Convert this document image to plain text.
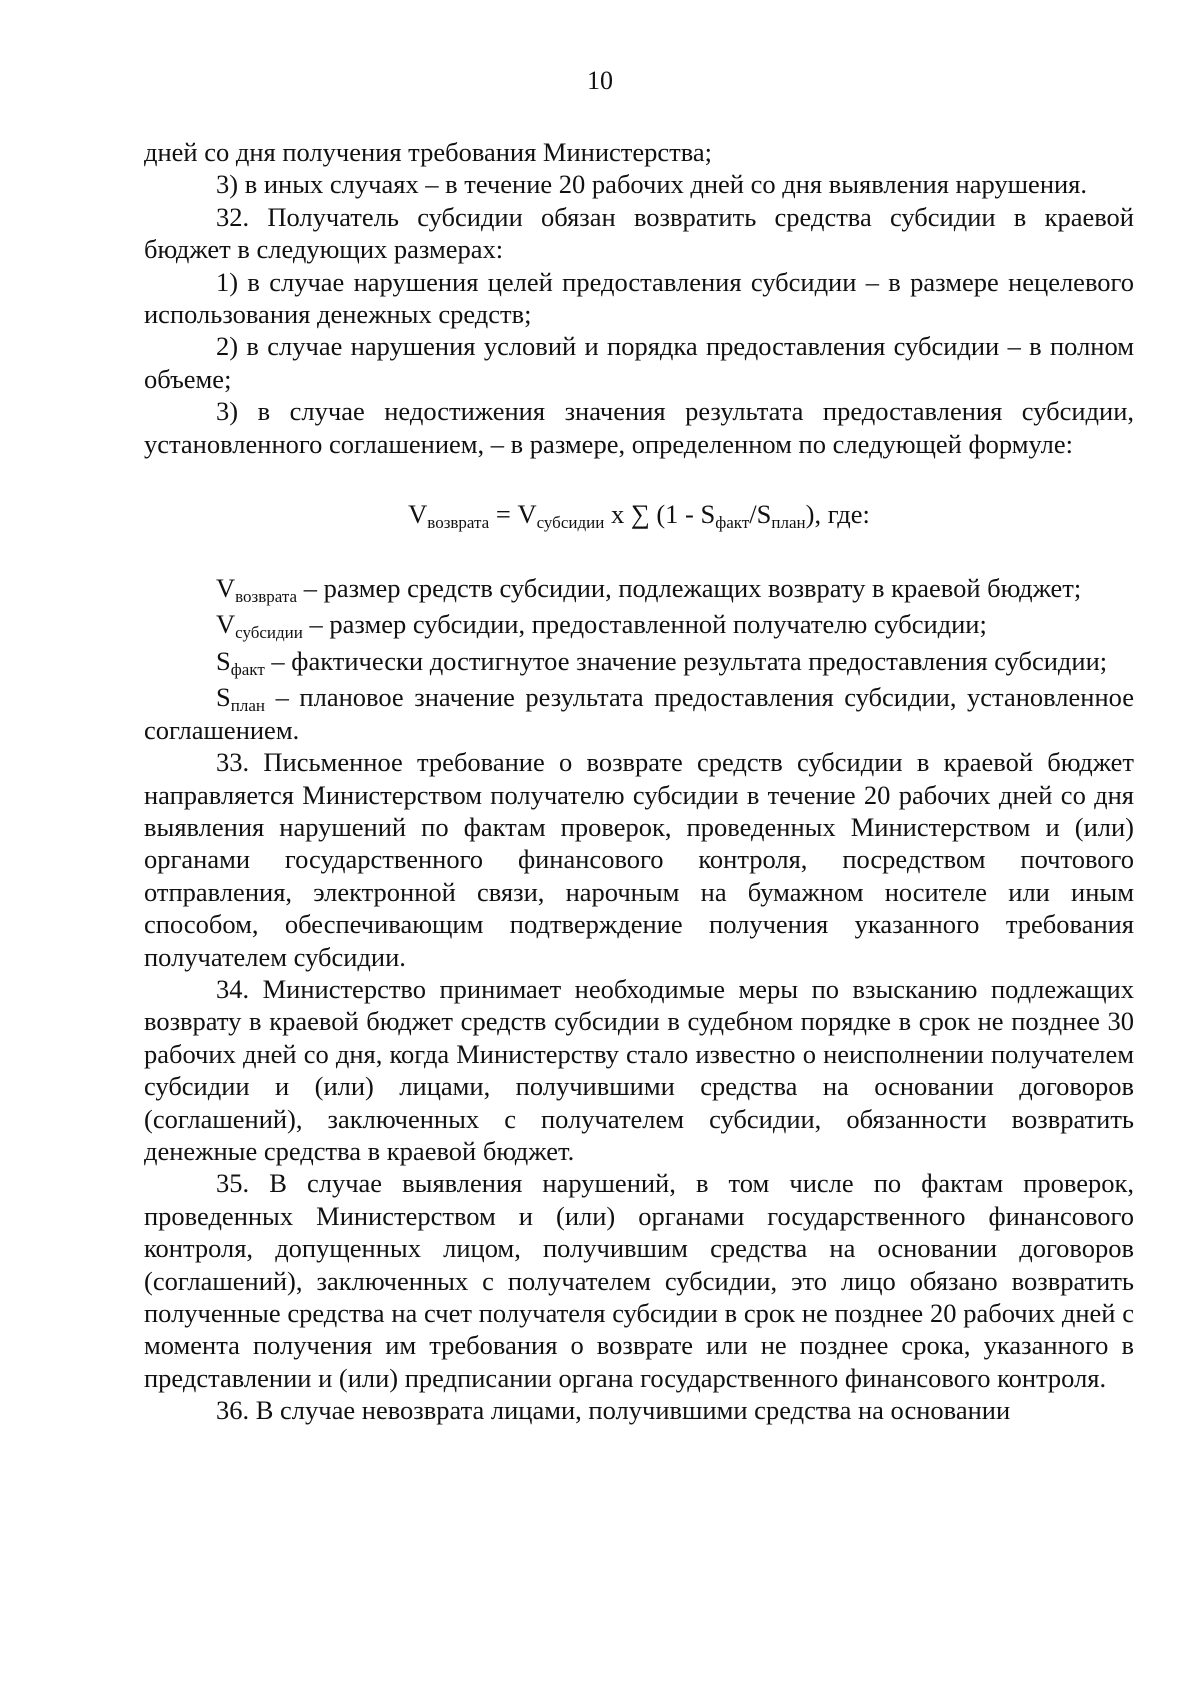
10

дней со дня получения требования Министерства;

3) в иных случаях – в течение 20 рабочих дней со дня выявления нарушения.

32. Получатель субсидии обязан возвратить средства субсидии в краевой бюджет в следующих размерах:

1) в случае нарушения целей предоставления субсидии – в размере нецелевого использования денежных средств;

2) в случае нарушения условий и порядка предоставления субсидии – в полном объеме;

3) в случае недостижения значения результата предоставления субсидии, установленного соглашением, – в размере, определенном по следующей формуле:

$V_{возврата} = V_{субсидии}$ x ∑ $(1 - S_{факт}/S_{план})$, где:

$V_{возврата}$ – размер средств субсидии, подлежащих возврату в краевой бюджет;

$V_{субсидии}$ – размер субсидии, предоставленной получателю субсидии;

$S_{факт}$ – фактически достигнутое значение результата предоставления субсидии;

$S_{план}$ – плановое значение результата предоставления субсидии, установленное соглашением.

33. Письменное требование о возврате средств субсидии в краевой бюджет направляется Министерством получателю субсидии в течение 20 рабочих дней со дня выявления нарушений по фактам проверок, проведенных Министерством и (или) органами государственного финансового контроля, посредством почтового отправления, электронной связи, нарочным на бумажном носителе или иным способом, обеспечивающим подтверждение получения указанного требования получателем субсидии.

34. Министерство принимает необходимые меры по взысканию подлежащих возврату в краевой бюджет средств субсидии в судебном порядке в срок не позднее 30 рабочих дней со дня, когда Министерству стало известно о неисполнении получателем субсидии и (или) лицами, получившими средства на основании договоров (соглашений), заключенных с получателем субсидии, обязанности возвратить денежные средства в краевой бюджет.

35. В случае выявления нарушений, в том числе по фактам проверок, проведенных Министерством и (или) органами государственного финансового контроля, допущенных лицом, получившим средства на основании договоров (соглашений), заключенных с получателем субсидии, это лицо обязано возвратить полученные средства на счет получателя субсидии в срок не позднее 20 рабочих дней с момента получения им требования о возврате или не позднее срока, указанного в представлении и (или) предписании органа государственного финансового контроля.

36. В случае невозврата лицами, получившими средства на основании
